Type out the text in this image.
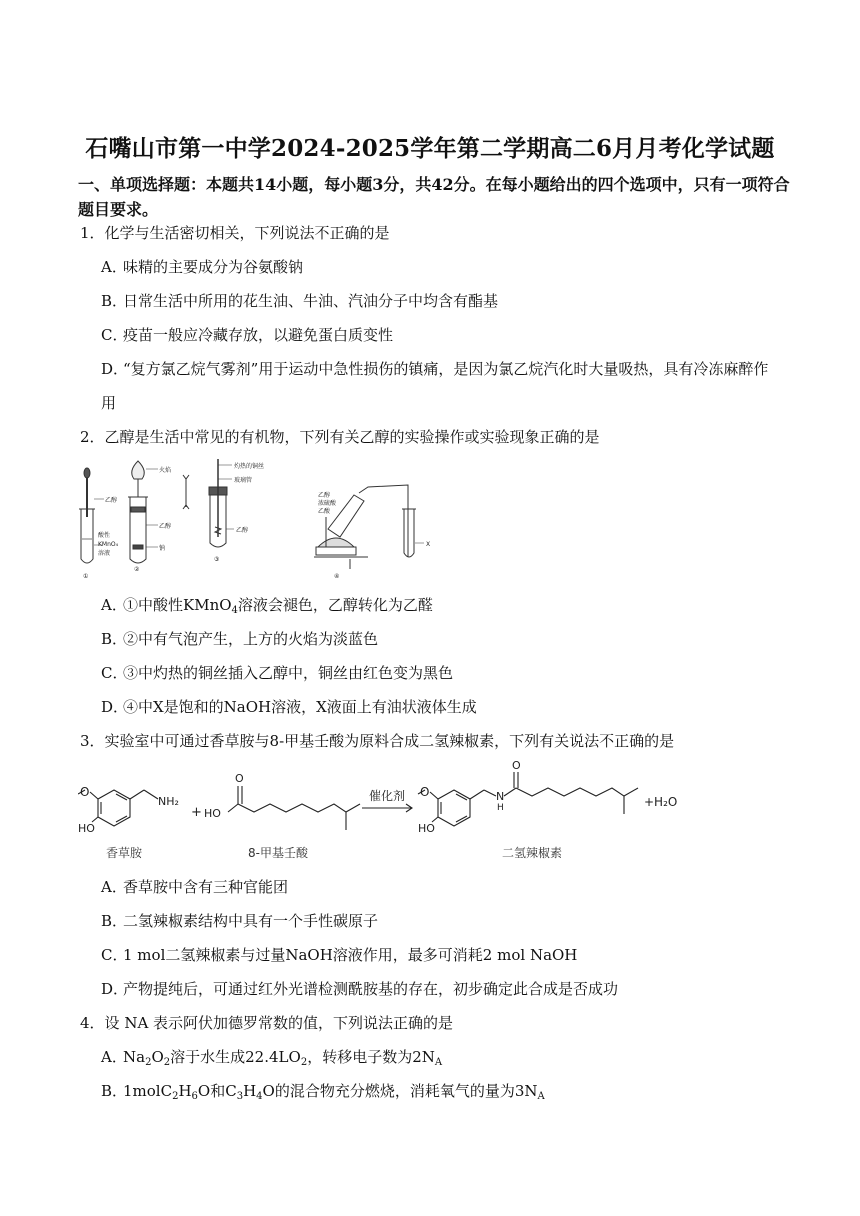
石嘴山市第一中学2024-2025学年第二学期高二6月月考化学试题
一、单项选择题：本题共14小题，每小题3分，共42分。在每小题给出的四个选项中，只有一项符合题目要求。
1．化学与生活密切相关，下列说法不正确的是
A．味精的主要成分为谷氨酸钠
B．日常生活中所用的花生油、牛油、汽油分子中均含有酯基
C．疫苗一般应冷藏存放，以避免蛋白质变性
D．“复方氯乙烷气雾剂”用于运动中急性损伤的镇痛，是因为氯乙烷汽化时大量吸热，具有冷冻麻醉作
用
2．乙醇是生活中常见的有机物，下列有关乙醇的实验操作或实验现象正确的是
乙醇
酸性
KMnO₄
溶液
火焰
乙醇
钠
灼热的铜丝
玻璃管
乙醇
乙醇
浓硫酸
乙酸
X
①
②
③
④
A．①中酸性KMnO$_4$溶液会褪色，乙醇转化为乙醛
B．②中有气泡产生，上方的火焰为淡蓝色
C．③中灼热的铜丝插入乙醇中，铜丝由红色变为黑色
D．④中X是饱和的NaOH溶液，X液面上有油状液体生成
3．实验室中可通过香草胺与8-甲基壬酸为原料合成二氢辣椒素，下列有关说法不正确的是
O
NH₂
HO
+ HO
O
催化剂 O
HO
N
H
O
+H₂O
香草胺	8-甲基壬酸	二氢辣椒素
A．香草胺中含有三种官能团
B．二氢辣椒素结构中具有一个手性碳原子
C．1 mol二氢辣椒素与过量NaOH溶液作用，最多可消耗2 mol NaOH
D．产物提纯后，可通过红外光谱检测酰胺基的存在，初步确定此合成是否成功
4．设 NA 表示阿伏加德罗常数的值，下列说法正确的是
A．$Na_2O_2$溶于水生成$22.4LO_2$，转移电子数为$2N_A$
B．$1molC_2H_6O$和$C_3H_4O$的混合物充分燃烧，消耗氧气的量为$3N_A$
